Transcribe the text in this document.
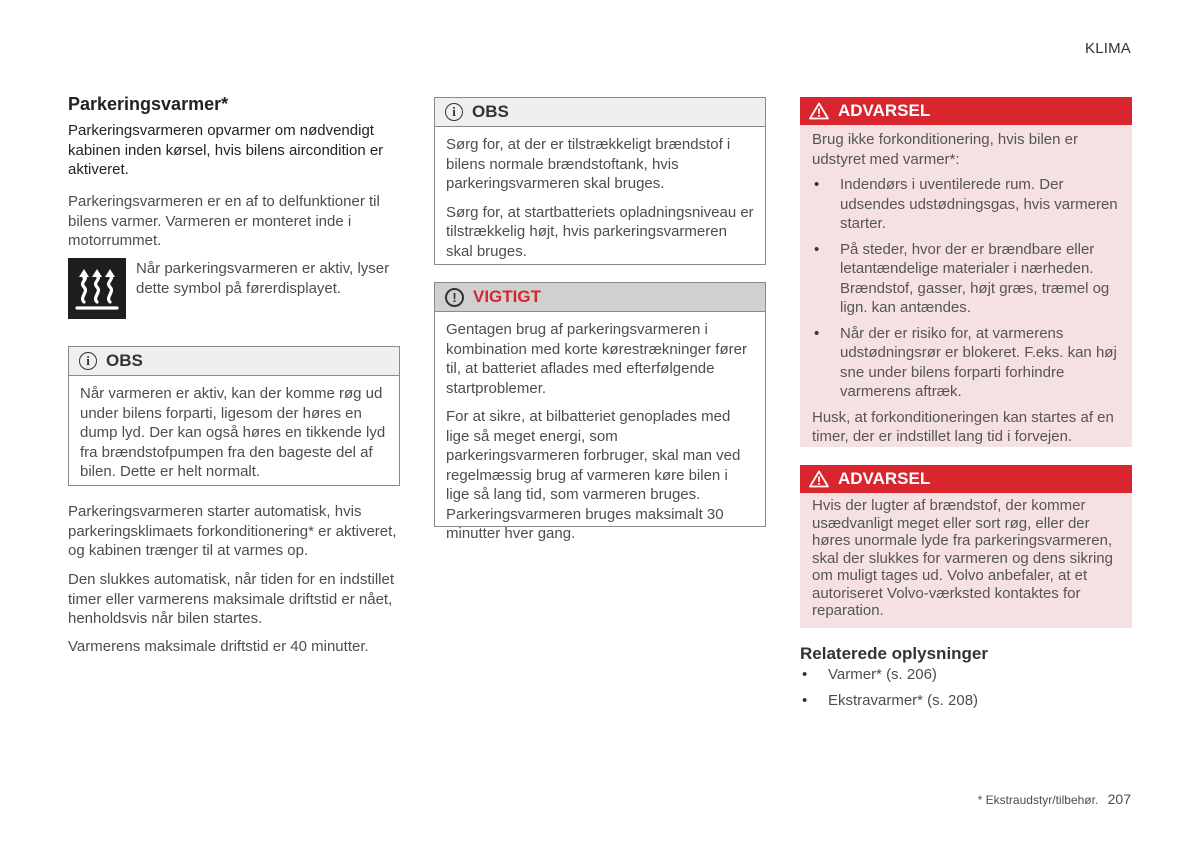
KLIMA
Parkeringsvarmer*
Parkeringsvarmeren opvarmer om nødvendigt kabinen inden kørsel, hvis bilens aircondition er aktiveret.

Parkeringsvarmeren er en af to delfunktioner til bilens varmer. Varmeren er monteret inde i motorrummet.

Når parkeringsvarmeren er aktiv, lyser dette symbol på førerdisplayet.

i OBS

Når varmeren er aktiv, kan der komme røg ud under bilens forparti, ligesom der høres en dump lyd. Der kan også høres en tikkende lyd fra brændstofpumpen fra den bageste del af bilen. Dette er helt normalt.

Parkeringsvarmeren starter automatisk, hvis parkeringsklimaets forkonditionering* er aktiveret, og kabinen trænger til at varmes op.

Den slukkes automatisk, når tiden for en indstillet timer eller varmerens maksimale driftstid er nået, henholdsvis når bilen startes.

Varmerens maksimale driftstid er 40 minutter.

i OBS

Sørg for, at der er tilstrækkeligt brændstof i bilens normale brændstoftank, hvis parkeringsvarmeren skal bruges.

Sørg for, at startbatteriets opladningsniveau er tilstrækkelig højt, hvis parkeringsvarmeren skal bruges.

! VIGTIGT

Gentagen brug af parkeringsvarmeren i kombination med korte kørestrækninger fører til, at batteriet aflades med efterfølgende startproblemer.

For at sikre, at bilbatteriet genoplades med lige så meget energi, som parkeringsvarmeren forbruger, skal man ved regelmæssig brug af varmeren køre bilen i lige så lang tid, som varmeren bruges. Parkeringsvarmeren bruges maksimalt 30 minutter hver gang.

ADVARSEL

Brug ikke forkonditionering, hvis bilen er udstyret med varmer*:

• Indendørs i uventilerede rum. Der udsendes udstødningsgas, hvis varmeren starter.
• På steder, hvor der er brændbare eller letantændelige materialer i nærheden. Brændstof, gasser, højt græs, træmel og lign. kan antændes.
• Når der er risiko for, at varmerens udstødningsrør er blokeret. F.eks. kan høj sne under bilens forparti forhindre varmerens aftræk.

Husk, at forkonditioneringen kan startes af en timer, der er indstillet lang tid i forvejen.

ADVARSEL

Hvis der lugter af brændstof, der kommer usædvanligt meget eller sort røg, eller der høres unormale lyde fra parkeringsvarmeren, skal der slukkes for varmeren og dens sikring om muligt tages ud. Volvo anbefaler, at et autoriseret Volvo-værksted kontaktes for reparation.

Relaterede oplysninger
• Varmer* (s. 206)
• Ekstravarmer* (s. 208)
* Ekstraudstyr/tilbehør. 207
